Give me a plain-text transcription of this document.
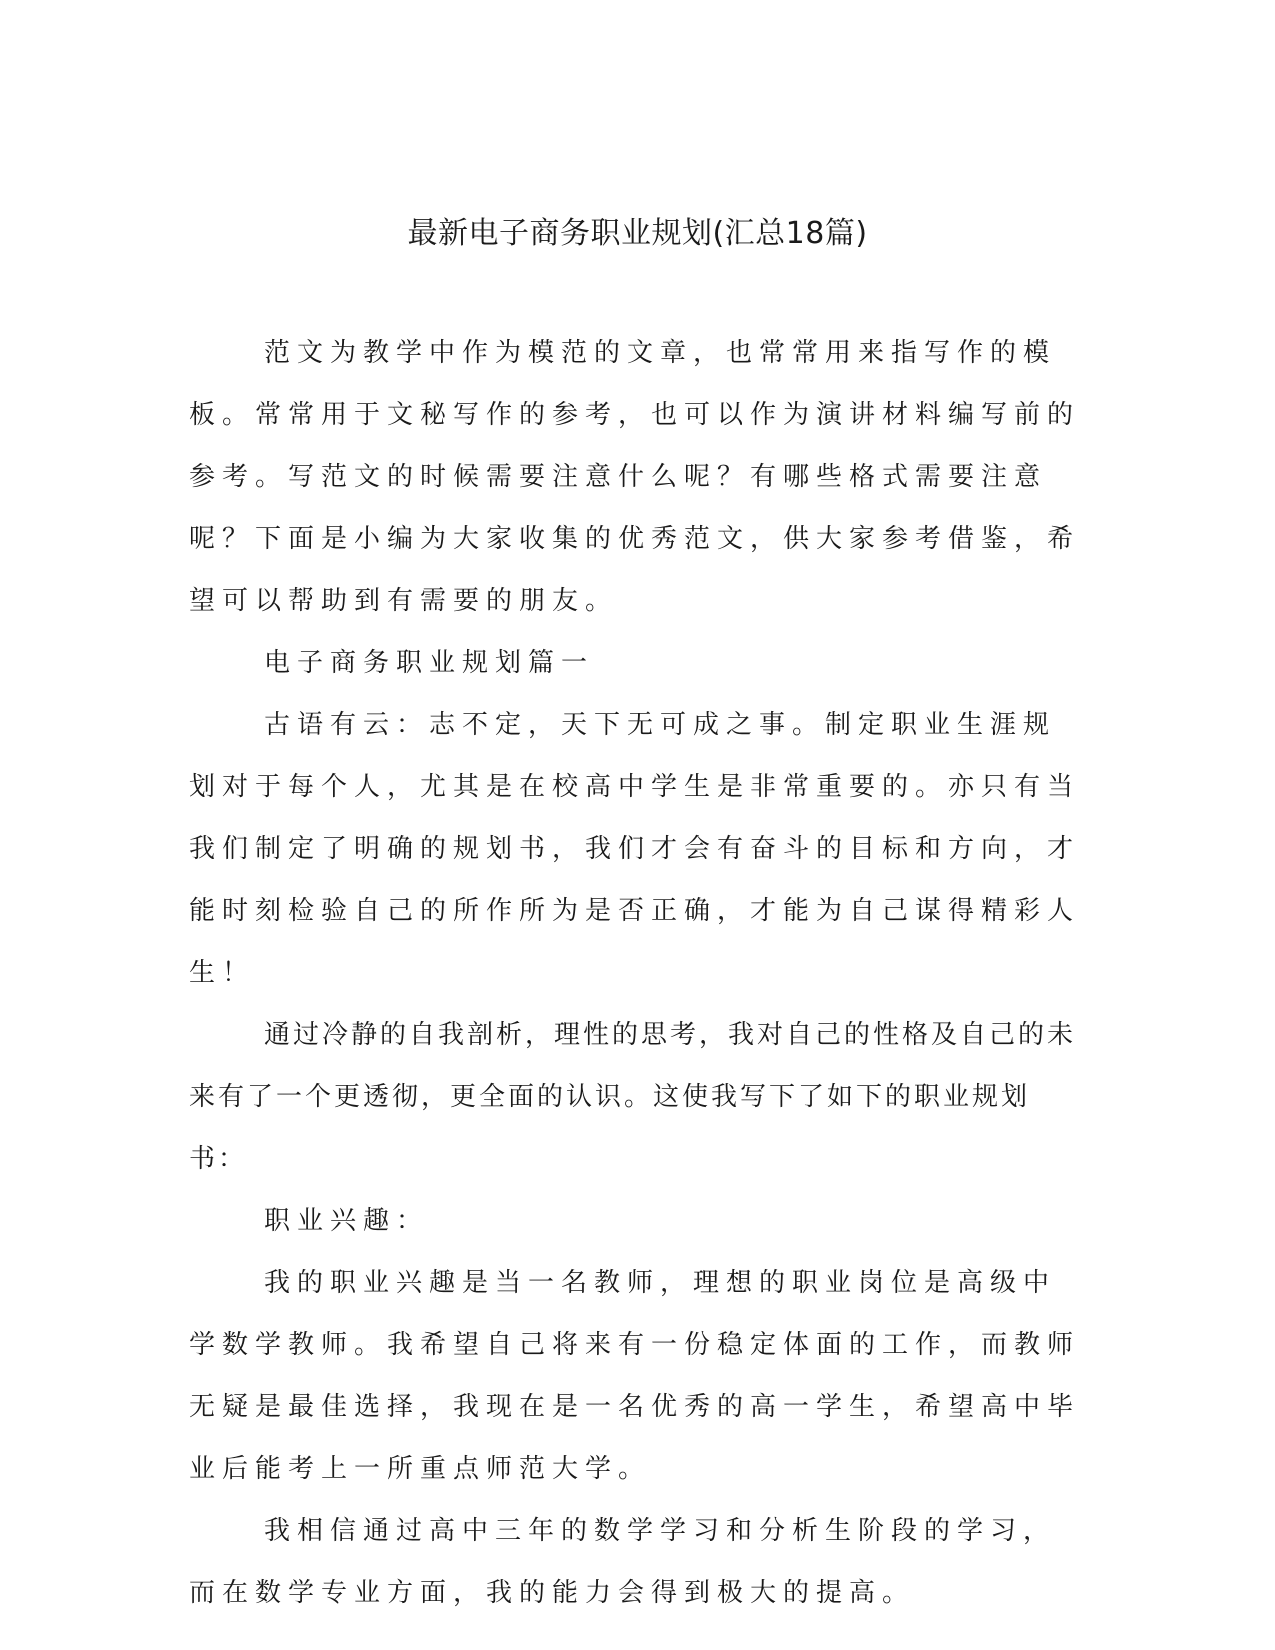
最新电子商务职业规划(汇总18篇)

范文为教学中作为模范的文章，也常常用来指写作的模板。常常用于文秘写作的参考，也可以作为演讲材料编写前的参考。写范文的时候需要注意什么呢？有哪些格式需要注意呢？下面是小编为大家收集的优秀范文，供大家参考借鉴，希望可以帮助到有需要的朋友。

电子商务职业规划篇一

古语有云：志不定，天下无可成之事。制定职业生涯规划对于每个人，尤其是在校高中学生是非常重要的。亦只有当我们制定了明确的规划书，我们才会有奋斗的目标和方向，才能时刻检验自己的所作所为是否正确，才能为自己谋得精彩人生！

通过冷静的自我剖析，理性的思考，我对自己的性格及自己的未来有了一个更透彻，更全面的认识。这使我写下了如下的职业规划书：

职业兴趣：

我的职业兴趣是当一名教师，理想的职业岗位是高级中学数学教师。我希望自己将来有一份稳定体面的工作，而教师无疑是最佳选择，我现在是一名优秀的高一学生，希望高中毕业后能考上一所重点师范大学。

我相信通过高中三年的数学学习和分析生阶段的学习，而在数学专业方面，我的能力会得到极大的提高。
